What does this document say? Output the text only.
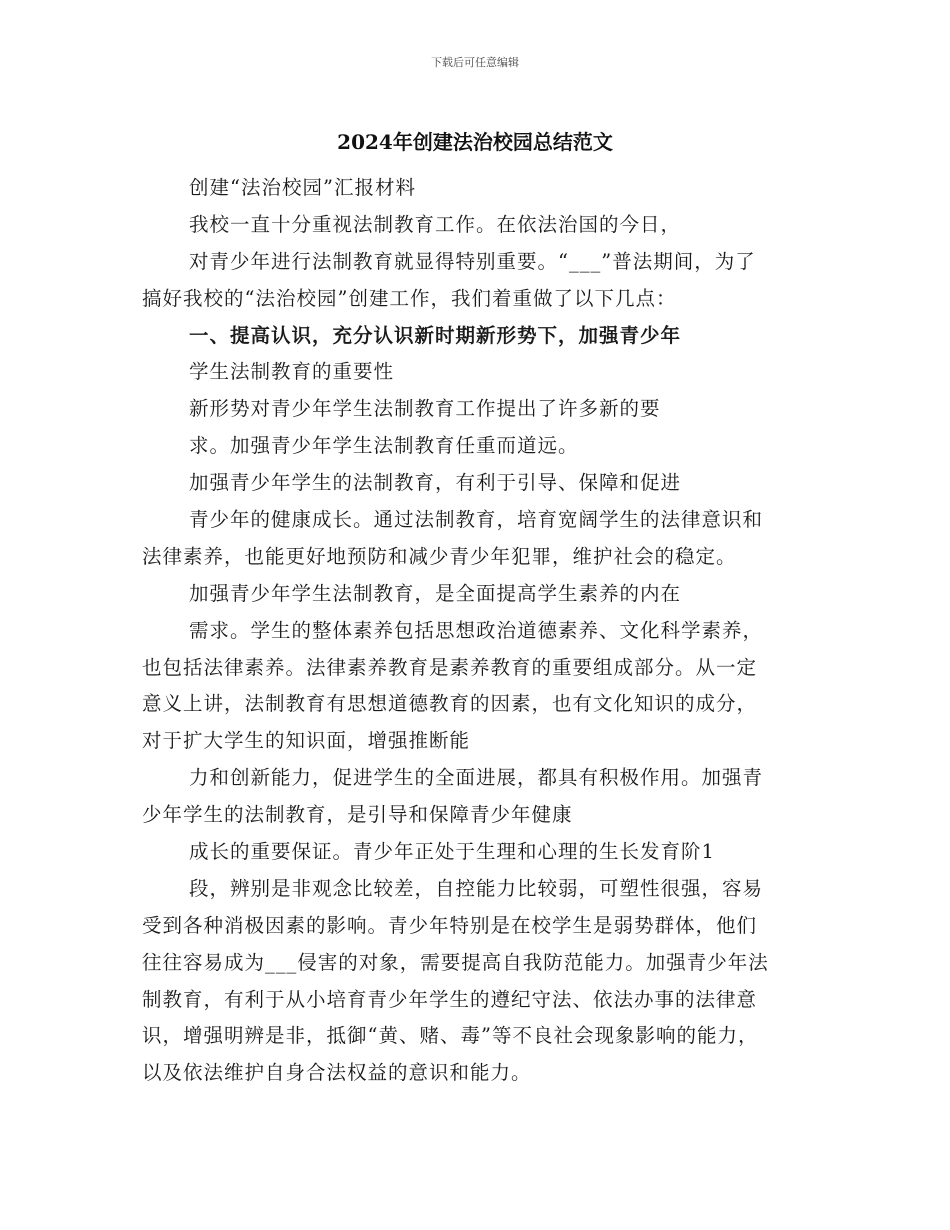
下载后可任意编辑
2024年创建法治校园总结范文
创建“法治校园”汇报材料
我校一直十分重视法制教育工作。在依法治国的今日，
对青少年进行法制教育就显得特别重要。“___”普法期间，为了
搞好我校的“法治校园”创建工作，我们着重做了以下几点：
一、提高认识，充分认识新时期新形势下，加强青少年
学生法制教育的重要性
新形势对青少年学生法制教育工作提出了许多新的要
求。加强青少年学生法制教育任重而道远。
加强青少年学生的法制教育，有利于引导、保障和促进
青少年的健康成长。通过法制教育，培育宽阔学生的法律意识和
法律素养，也能更好地预防和减少青少年犯罪，维护社会的稳定。
加强青少年学生法制教育，是全面提高学生素养的内在
需求。学生的整体素养包括思想政治道德素养、文化科学素养，
也包括法律素养。法律素养教育是素养教育的重要组成部分。从一定
意义上讲，法制教育有思想道德教育的因素，也有文化知识的成分，
对于扩大学生的知识面，增强推断能
力和创新能力，促进学生的全面进展，都具有积极作用。加强青
少年学生的法制教育，是引导和保障青少年健康
成长的重要保证。青少年正处于生理和心理的生长发育阶1
段，辨别是非观念比较差，自控能力比较弱，可塑性很强，容易
受到各种消极因素的影响。青少年特别是在校学生是弱势群体，他们
往往容易成为___侵害的对象，需要提高自我防范能力。加强青少年法
制教育，有利于从小培育青少年学生的遵纪守法、依法办事的法律意
识，增强明辨是非，抵御“黄、赌、毒”等不良社会现象影响的能力，
以及依法维护自身合法权益的意识和能力。
